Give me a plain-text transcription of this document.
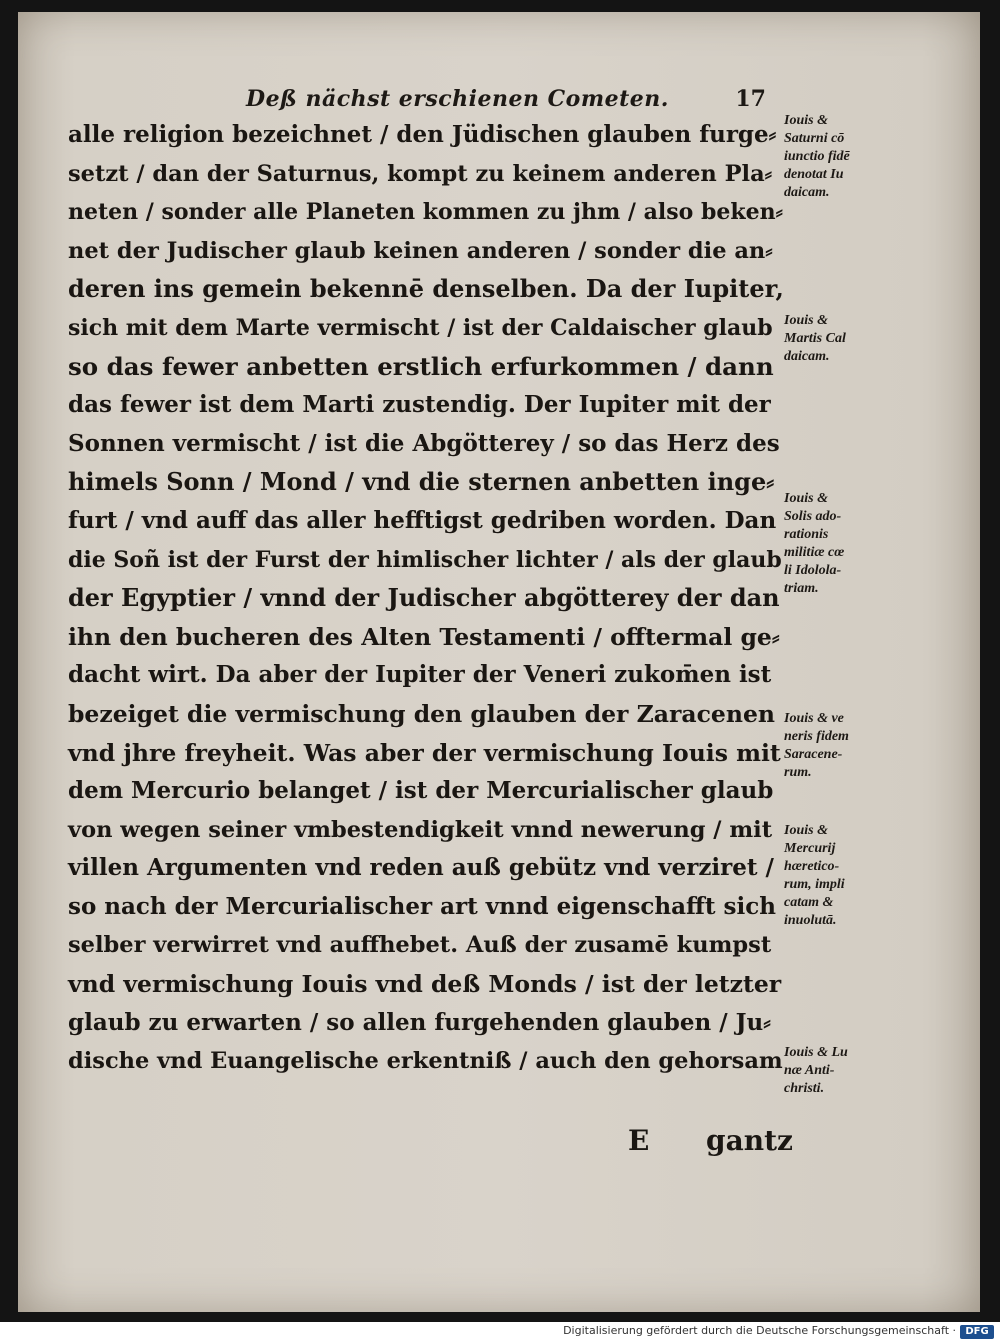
Deß nächst erschienen Cometen.	17
alle religion bezeichnet / den Jüdischen glauben furge⸗
setzt / dan der Saturnus, kompt zu keinem anderen Pla⸗
neten / sonder alle Planeten kommen zu jhm / also beken⸗
net der Judischer glaub keinen anderen / sonder die an⸗
deren ins gemein bekennē denselben. Da der Iupiter,
sich mit dem Marte vermischt / ist der Caldaischer glaub
so das fewer anbetten erstlich erfurkommen / dann
das fewer ist dem Marti zustendig. Der Iupiter mit der
Sonnen vermischt / ist die Abgötterey / so das Herz des
himels Sonn / Mond / vnd die sternen anbetten inge⸗
furt / vnd auff das aller hefftigst gedriben worden. Dan
die Soñ ist der Furst der himlischer lichter / als der glaub
der Egyptier / vnnd der Judischer abgötterey der dan
ihn den bucheren des Alten Testamenti / offtermal ge⸗
dacht wirt. Da aber der Iupiter der Veneri zukom̄en ist
bezeiget die vermischung den glauben der Zaracenen
vnd jhre freyheit. Was aber der vermischung Iouis mit
dem Mercurio belanget / ist der Mercurialischer glaub
von wegen seiner vmbestendigkeit vnnd newerung / mit
villen Argumenten vnd reden auß gebütz vnd verziret /
so nach der Mercurialischer art vnnd eigenschafft sich
selber verwirret vnd auffhebet. Auß der zusamē kumpst
vnd vermischung Iouis vnd deß Monds / ist der letzter
glaub zu erwarten / so allen furgehenden glauben / Ju⸗
dische vnd Euangelische erkentniß / auch den gehorsam
Iouis &
Saturni cō
iunctio fidē
denotat Iu
daicam.
Iouis &
Martis Cal
daicam.
Iouis &
Solis ado-
rationis
militiæ cœ
li Idolola-
triam.
Iouis & ve
neris fidem
Saracene-
rum.
Iouis &
Mercurij
hæretico-
rum, impli
catam &
inuolutā.
Iouis & Lu
næ Anti-
christi.
E gantz
Digitalisierung gefördert durch die Deutsche Forschungsgemeinschaft · DFG
